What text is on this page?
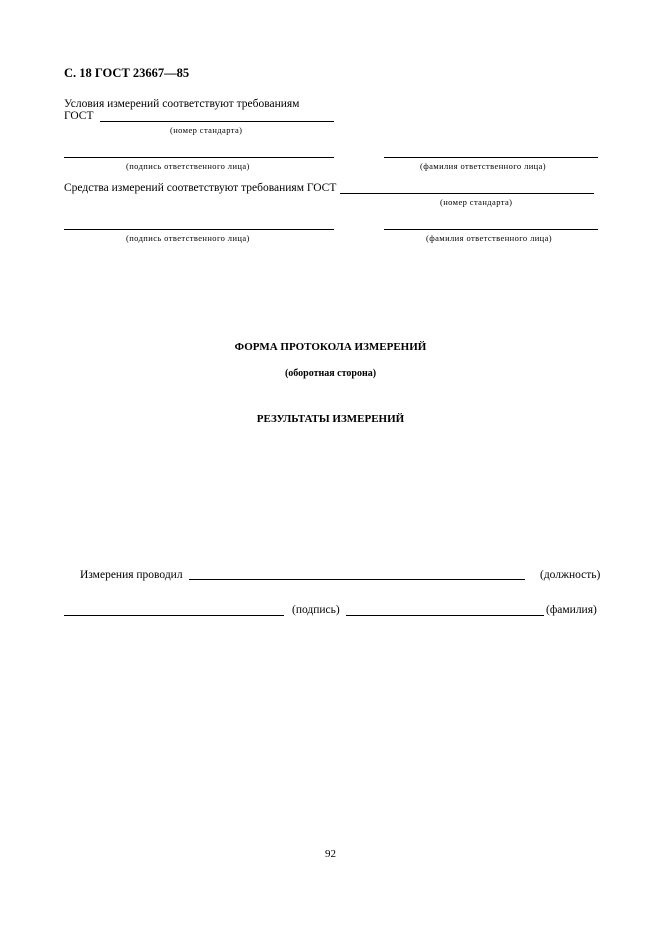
С. 18 ГОСТ 23667—85
Условия измерений соответствуют требованиям
ГОСТ
(номер стандарта)
(подпись ответственного лица)	(фамилия ответственного лица)
Средства измерений соответствуют требованиям ГОСТ
(номер стандарта)
(подпись ответственного лица)	(фамилия ответственного лица)
ФОРМА ПРОТОКОЛА ИЗМЕРЕНИЙ
(оборотная сторона)
РЕЗУЛЬТАТЫ ИЗМЕРЕНИЙ
Измерения проводил	(должность)
(подпись)	(фамилия)
92
